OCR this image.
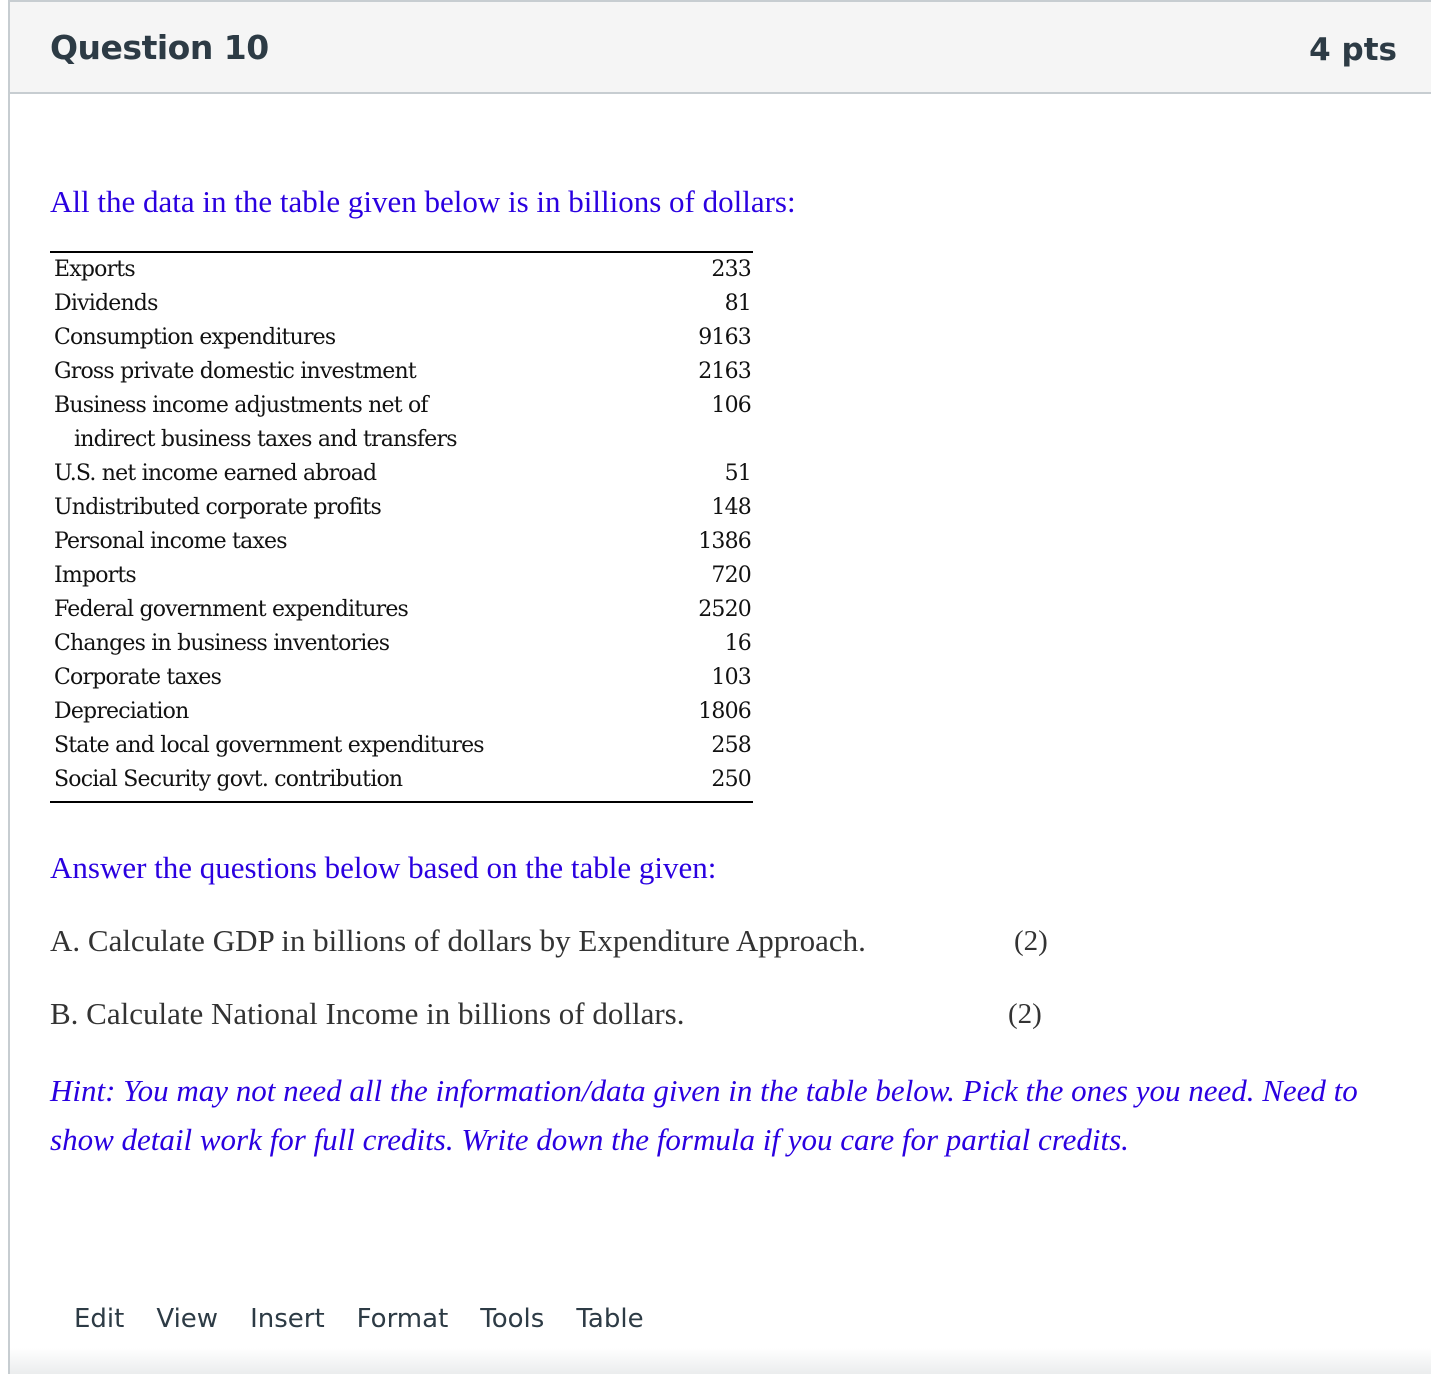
Question 10	4 pts
All the data in the table given below is in billions of dollars:
Exports	233
Dividends	81
Consumption expenditures	9163
Gross private domestic investment	2163
Business income adjustments net of	106
indirect business taxes and transfers
U.S. net income earned abroad	51
Undistributed corporate profits	148
Personal income taxes	1386
Imports	720
Federal government expenditures	2520
Changes in business inventories	16
Corporate taxes	103
Depreciation	1806
State and local government expenditures	258
Social Security govt. contribution	250
Answer the questions below based on the table given:
A. Calculate GDP in billions of dollars by Expenditure Approach.	(2)
B. Calculate National Income in billions of dollars.	(2)
Hint: You may not need all the information/data given in the table below. Pick the ones you need. Need to show detail work for full credits. Write down the formula if you care for partial credits.
Edit View Insert Format Tools Table
